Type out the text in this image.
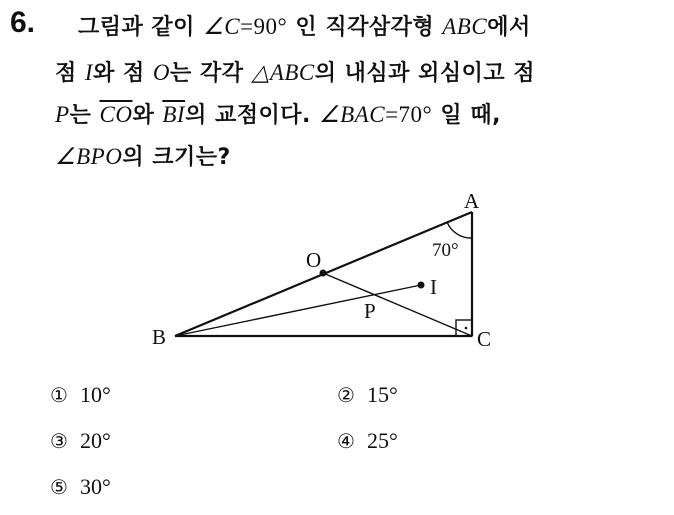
6. 그림과 같이 ∠C=90° 인 직각삼각형 ABC에서
점 I와 점 O는 각각 △ABC의 내심과 외심이고 점
P는 $\overline{CO}$와 $\overline{BI}$의 교점이다. ∠BAC=70° 일 때,
∠BPO의 크기는?
A
B	C
O
I
P
70°
① 10°	② 15°
③ 20°	④ 25°
⑤ 30°
